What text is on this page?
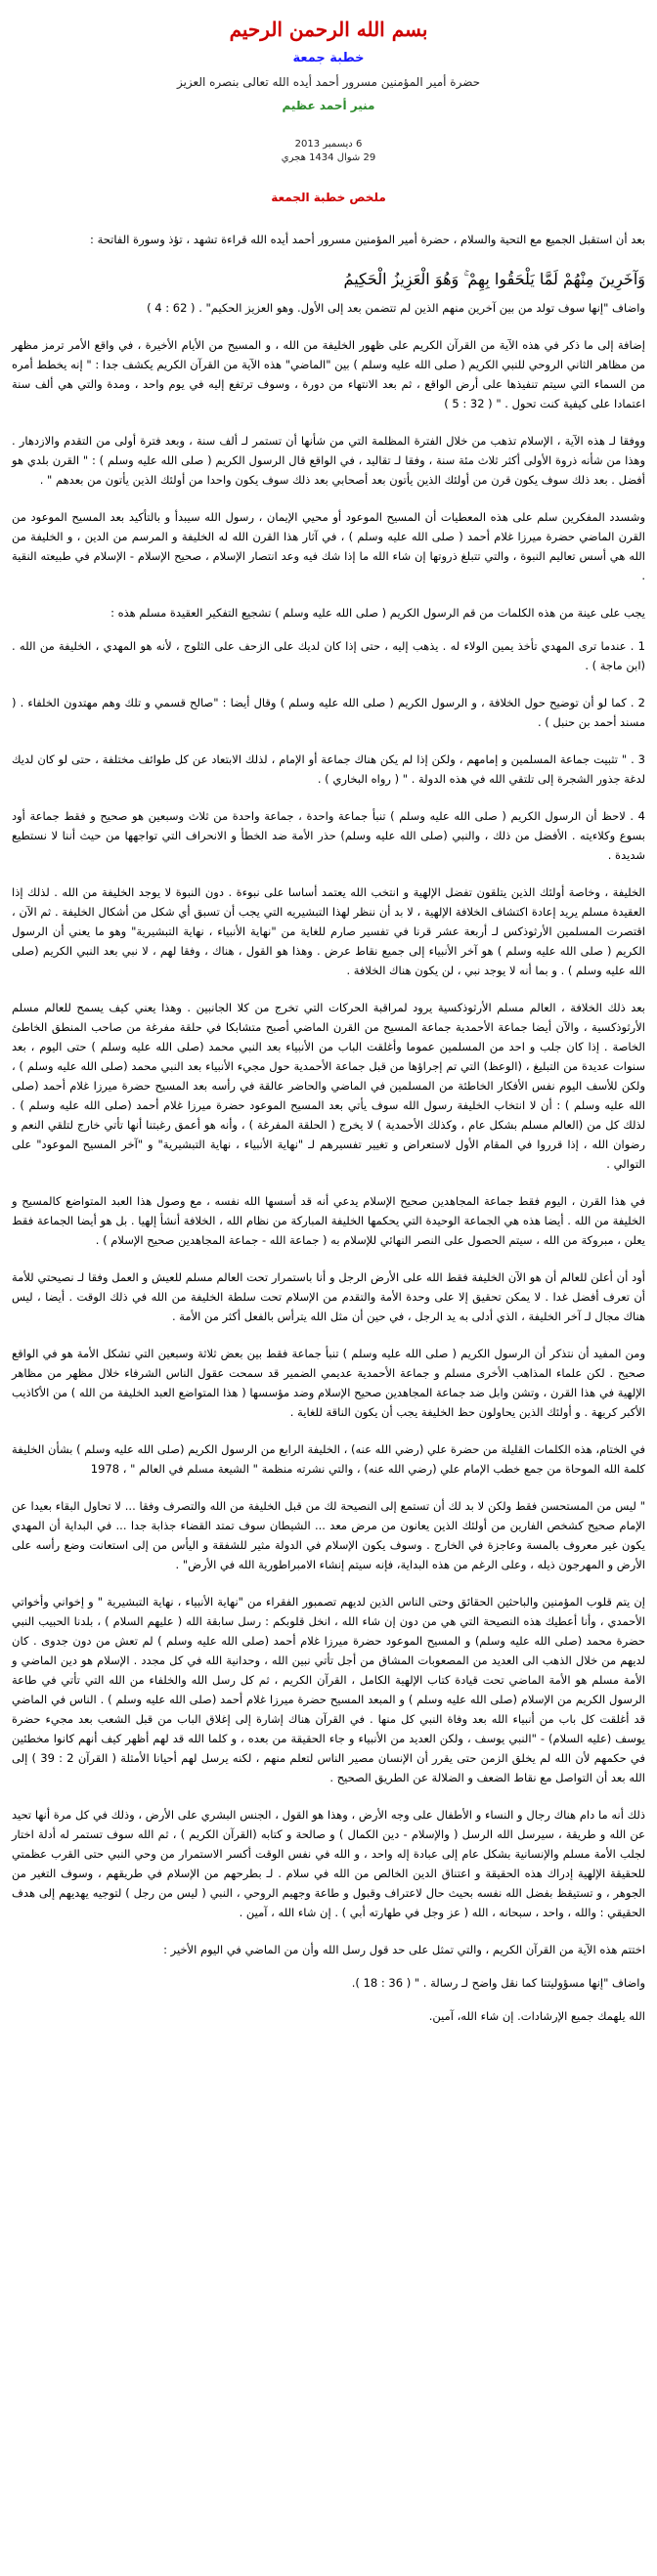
بسم الله الرحمن الرحيم
خطبة جمعة
حضرة أمير المؤمنين مسرور أحمد أيده الله تعالى بنصره العزيز
منير أحمد عظيم
6 ديسمبر 2013
29 شوال 1434 هجري
ملخص خطبة الجمعة

بعد أن استقبل الجميع مع التحية والسلام ، حضرة أمير المؤمنين مسرور أحمد أيده الله قراءة تشهد ، تؤذ وسورة الفاتحة :

وَآخَرِينَ مِنْهُمْ لَمَّا يَلْحَقُوا بِهِمْ ۚ وَهُوَ الْعَزِيزُ الْحَكِيمُ

واضاف "إنها سوف تولد من بين آخرين منهم الذين لم تتضمن بعد إلى الأول. وهو العزيز الحكيم" . ( 62 : 4 )

إضافة إلى ما ذكر في هذه الآية من القرآن الكريم على ظهور الخليفة من الله ، و المسيح من الأيام الأخيرة ، في واقع الأمر ترمز مظهر من مظاهر الثاني الروحي للنبي الكريم ( صلى الله عليه وسلم ) بين "الماضي" هذه الآية من القرآن الكريم يكشف جدا : " إنه يخطط أمره من السماء التي سيتم تنفيذها على أرض الواقع ، ثم بعد الانتهاء من دورة ، وسوف ترتفع إليه في يوم واحد ، ومدة والتي هي ألف سنة اعتمادا على كيفية كنت تحول . " ( 32 : 5 )

ووفقا لـ هذه الآية ، الإسلام تذهب من خلال الفترة المظلمة التي من شأنها أن تستمر لـ ألف سنة ، وبعد فترة أولى من التقدم والازدهار . وهذا من شأنه ذروة الأولى أكثر ثلاث مئة سنة ، وفقا لـ تقاليد ، في الواقع قال الرسول الكريم ( صلى الله عليه وسلم ) : " القرن بلدي هو أفضل . بعد ذلك سوف يكون قرن من أولئك الذين يأتون بعد أصحابي بعد ذلك سوف يكون واحدا من أولئك الذين يأتون من بعدهم " .

وشسدد المفكرين سلم على هذه المعطيات أن المسيح الموعود أو محيي الإيمان ، رسول الله سيبدأ و بالتأكيد بعد المسيح الموعود من القرن الماضي حضرة ميرزا غلام أحمد ( صلى الله عليه وسلم ) ، في آثار هذا القرن الله له الخليفة و المرسم من الدين ، و الخليفة من الله هي أسس تعاليم النبوة ، والتي تتبلغ ذروتها إن شاء الله ما إذا شك فيه وعد انتصار الإسلام ، صحيح الإسلام - الإسلام في طبيعته النقية .

يجب على عينة من هذه الكلمات من قم الرسول الكريم ( صلى الله عليه وسلم ) تشجيع التفكير العقيدة مسلم هذه :

1 . عندما ترى المهدي تأخذ يمين الولاء له . يذهب إليه ، حتى إذا كان لديك على الزحف على الثلوج ، لأنه هو المهدي ، الخليفة من الله . (ابن ماجة ) .

2 . كما لو أن توضيح حول الخلافة ، و الرسول الكريم ( صلى الله عليه وسلم ) وقال أيضا : "صالح قسمي و تلك وهم مهتدون الخلفاء . ( مسند أحمد بن حنبل ) .

3 . " تثبيت جماعة المسلمين و إمامهم ، ولكن إذا لم يكن هناك جماعة أو الإمام ، لذلك الابتعاد عن كل طوائف مختلفة ، حتى لو كان لديك لدغة جذور الشجرة إلى تلتقي الله في هذه الدولة . " ( رواه البخاري ) .

4 . لاحظ أن الرسول الكريم ( صلى الله عليه وسلم ) تنبأ جماعة واحدة ، جماعة واحدة من ثلاث وسبعين هو صحيح و فقط جماعة أود بسوع وكلاءيته . الأفضل من ذلك ، والنبي (صلى الله عليه وسلم) حذر الأمة ضد الخطأ و الانحراف التي تواجهها من حيث أننا لا نستطيع شديدة .

الخليفة ، وخاصة أولئك الذين يتلقون تفضل الإلهية و انتخب الله يعتمد أساسا على نبوءة . دون النبوة لا يوجد الخليفة من الله . لذلك إذا العقيدة مسلم يريد إعادة اكتشاف الخلافة الإلهية ، لا بد أن ننظر لهذا التبشيريه التي يجب أن تسبق أي شكل من أشكال الخليفة . ثم الآن ، اقتصرت المسلمين الأرثوذكس لـ أربعة عشر قرنا في تفسير صارم للغاية من "نهاية الأنبياء ، نهاية التبشيرية" وهو ما يعني أن الرسول الكريم ( صلى الله عليه وسلم ) هو آخر الأنبياء إلى جميع نقاط عرض . وهذا هو القول ، هناك ، وفقا لهم ، لا نبي بعد النبي الكريم (صلى الله عليه وسلم ) . و بما أنه لا يوجد نبي ، لن يكون هناك الخلافة .

بعد ذلك الخلافة ، العالم مسلم الأرثوذكسية يرود لمراقبة الحركات التي تخرج من كلا الجانبين . وهذا يعني كيف يسمح للعالم مسلم الأرثوذكسية ، والآن أيضا جماعة الأحمدية جماعة المسيح من القرن الماضي أصبح متشابكا في حلقة مفرغة من صاحب المنطق الخاطئ الخاصة . إذا كان جلب و احد من المسلمين عموما وأغلقت الباب من الأنبياء بعد النبي محمد (صلى الله عليه وسلم ) حتى اليوم ، بعد سنوات عديدة من التبليغ ، (الوعظ) التي تم إجراؤها من قبل جماعة الأحمدية حول مجيء الأنبياء بعد النبي محمد (صلى الله عليه وسلم ) ، ولكن للأسف اليوم نفس الأفكار الخاطئة من المسلمين في الماضي والحاضر عالقة في رأسه بعد المسيح حضرة ميرزا غلام أحمد (صلى الله عليه وسلم ) : أن لا انتخاب الخليفة رسول الله سوف يأتي بعد المسيح الموعود حضرة ميرزا غلام أحمد (صلى الله عليه وسلم ) . لذلك كل من (العالم مسلم بشكل عام ، وكذلك الأحمدية ) لا يخرج ( الحلقة المفرغة ) ، وأنه هو أعمق رغبتنا أنها تأتي خارج لتلقي النعم و رضوان الله ، إذا قرروا في المقام الأول لاستعراض و تغيير تفسيرهم لـ "نهاية الأنبياء ، نهاية التبشيرية" و "آخر المسيح الموعود" على التوالي .

في هذا القرن ، اليوم فقط جماعة المجاهدين صحيح الإسلام يدعي أنه قد أسسها الله نفسه ، مع وصول هذا العبد المتواضع كالمسيح و الخليفة من الله . أيضا هذه هي الجماعة الوحيدة التي يحكمها الخليفة المباركة من نظام الله ، الخلافة أنشأ إلهيا . بل هو أيضا الجماعة فقط يعلن ، مبروكة من الله ، سيتم الحصول على النصر النهائي للإسلام به ( جماعة الله - جماعة المجاهدين صحيح الإسلام ) .

أود أن أعلن للعالم أن هو الآن الخليفة فقط الله على الأرض الرجل و أنا باستمرار تحت العالم مسلم للعيش و العمل وفقا لـ نصيحتي للأمة أن تعرف أفضل غدا . لا يمكن تحقيق إلا على وحدة الأمة والتقدم من الإسلام تحت سلطة الخليفة من الله في ذلك الوقت . أيضا ، ليس هناك مجال لـ آخر الخليفة ، الذي أدلى به يد الرجل ، في حين أن مثل الله يترأس بالفعل أكثر من الأمة .

ومن المفيد أن نتذكر أن الرسول الكريم ( صلى الله عليه وسلم ) تنبأ جماعة فقط بين بعض ثلاثة وسبعين التي تشكل الأمة هو في الواقع صحيح . لكن علماء المذاهب الأخرى مسلم و جماعة الأحمدية عديمي الضمير قد سمحت عقول الناس الشرفاء خلال مظهر من مظاهر الإلهية في هذا القرن ، وتشن وابل ضد جماعة المجاهدين صحيح الإسلام وضد مؤسسها ( هذا المتواضع العبد الخليفة من الله ) من الأكاذيب الأكبر كريهة . و أولئك الذين يحاولون حظ الخليفة يجب أن يكون الناقة للغاية .

في الختام، هذه الكلمات القليلة من حضرة علي (رضي الله عنه) ، الخليفة الرابع من الرسول الكريم (صلى الله عليه وسلم ) بشأن الخليفة كلمة الله الموحاة من جمع خطب الإمام علي (رضي الله عنه) ، والتي نشرته منظمة " الشيعة مسلم في العالم " ، 1978

" ليس من المستحسن فقط ولكن لا بد لك أن تستمع إلى النصيحة لك من قبل الخليفة من الله والتصرف وفقا ... لا تحاول البقاء بعيدا عن الإمام صحيح كشخص الفارين من أولئك الذين يعانون من مرض معد ... الشيطان سوف تمتد القضاء جذابة جدا ... في البداية أن المهدي يكون غير معروف بالمسة وعاجزة في الخارج . وسوف يكون الإسلام في الدولة مثير للشفقة و اليأس من إلى استعانت وضع رأسه على الأرض و المهرجون ذيله ، وعلى الرغم من هذه البداية، فإنه سيتم إنشاء الامبراطورية الله في الأرض" .

إن يتم قلوب المؤمنين والباحثين الحقائق وحتى الناس الذين لديهم تصمبور الفقراء من "نهاية الأنبياء ، نهاية التبشيرية " و إخواني وأخواتي الأحمدي ، وأنا أعطيك هذه النصيحة التي هي من دون إن شاء الله ، انخل قلوبكم : رسل سابقة الله ( عليهم السلام ) ، بلدنا الحبيب النبي حضرة محمد (صلى الله عليه وسلم) و المسيح الموعود حضرة ميرزا غلام أحمد (صلى الله عليه وسلم ) لم تعش من دون جدوى . كان لديهم من خلال الذهب الى العديد من المصعوبات المشاق من أجل تأتي نبين الله ، وحدانية الله في كل مجدد . الإسلام هو دين الماضي و الأمة مسلم هو الأمة الماضي تحت قيادة كتاب الإلهية الكامل ، القرآن الكريم ، ثم كل رسل الله والخلفاء من الله التي تأتي في طاعة الرسول الكريم من الإسلام (صلى الله عليه وسلم ) و المبعد المسيح حضرة ميرزا غلام أحمد (صلى الله عليه وسلم ) . الناس في الماضي قد أغلقت كل باب من أنبياء الله بعد وفاة النبي كل منها . في القرآن هناك إشارة إلى إغلاق الباب من قبل الشعب بعد مجيء حضرة يوسف (عليه السلام) - "النبي يوسف ، ولكن العديد من الأنبياء و جاء الحقيقة من بعده ، و كلما الله قد لهم أظهر كيف أنهم كانوا مخطئين في حكمهم لأن الله لم يخلق الزمن حتى يقرر أن الإنسان مصير الناس لتعلم منهم ، لكنه يرسل لهم أحيانا الأمثلة ( القرآن 2 : 39 ) إلى الله بعد أن التواصل مع نقاط الضعف و الضلالة عن الطريق الصحيح .

ذلك أنه ما دام هناك رجال و النساء و الأطفال على وجه الأرض ، وهذا هو القول ، الجنس البشري على الأرض ، وذلك في كل مرة أنها تحيد عن الله و طريقة ، سيرسل الله الرسل ( والإسلام - دين الكمال ) و صالحة و كتابه (القرآن الكريم ) ، ثم الله سوف تستمر له أدلة اختار لجلب الأمة مسلم والإنسانية بشكل عام إلى عبادة إله واحد ، و الله في نفس الوقت أكسر الاستمرار من وحي النبي حتى القرب عظمتي للحقيقة الإلهية إدراك هذه الحقيقة و اعتناق الدين الخالص من الله في سلام . لـ بطرحهم من الإسلام في طريقهم ، وسوف التغير من الجوهر ، و تستيقظ بفضل الله نفسه بحيث حال لاعتراف وقبول و طاعة وجهيم الروحي ، النبي ( ليس من رجل ) لتوجيه يهديهم إلى هدف الحقيقي : والله ، واحد ، سبحانه ، الله ( عز وجل في طهارته أبي ) . إن شاء الله ، آمين .

اختتم هذه الآية من القرآن الكريم ، والتي تمثل على حد قول رسل الله وأن من الماضي في اليوم الأخير :

واضاف "إنها مسؤوليتنا كما نقل واضح لـ رسالة . " ( 36 : 18 ).

الله يلهمك جميع الإرشادات. إن شاء الله، آمين.
